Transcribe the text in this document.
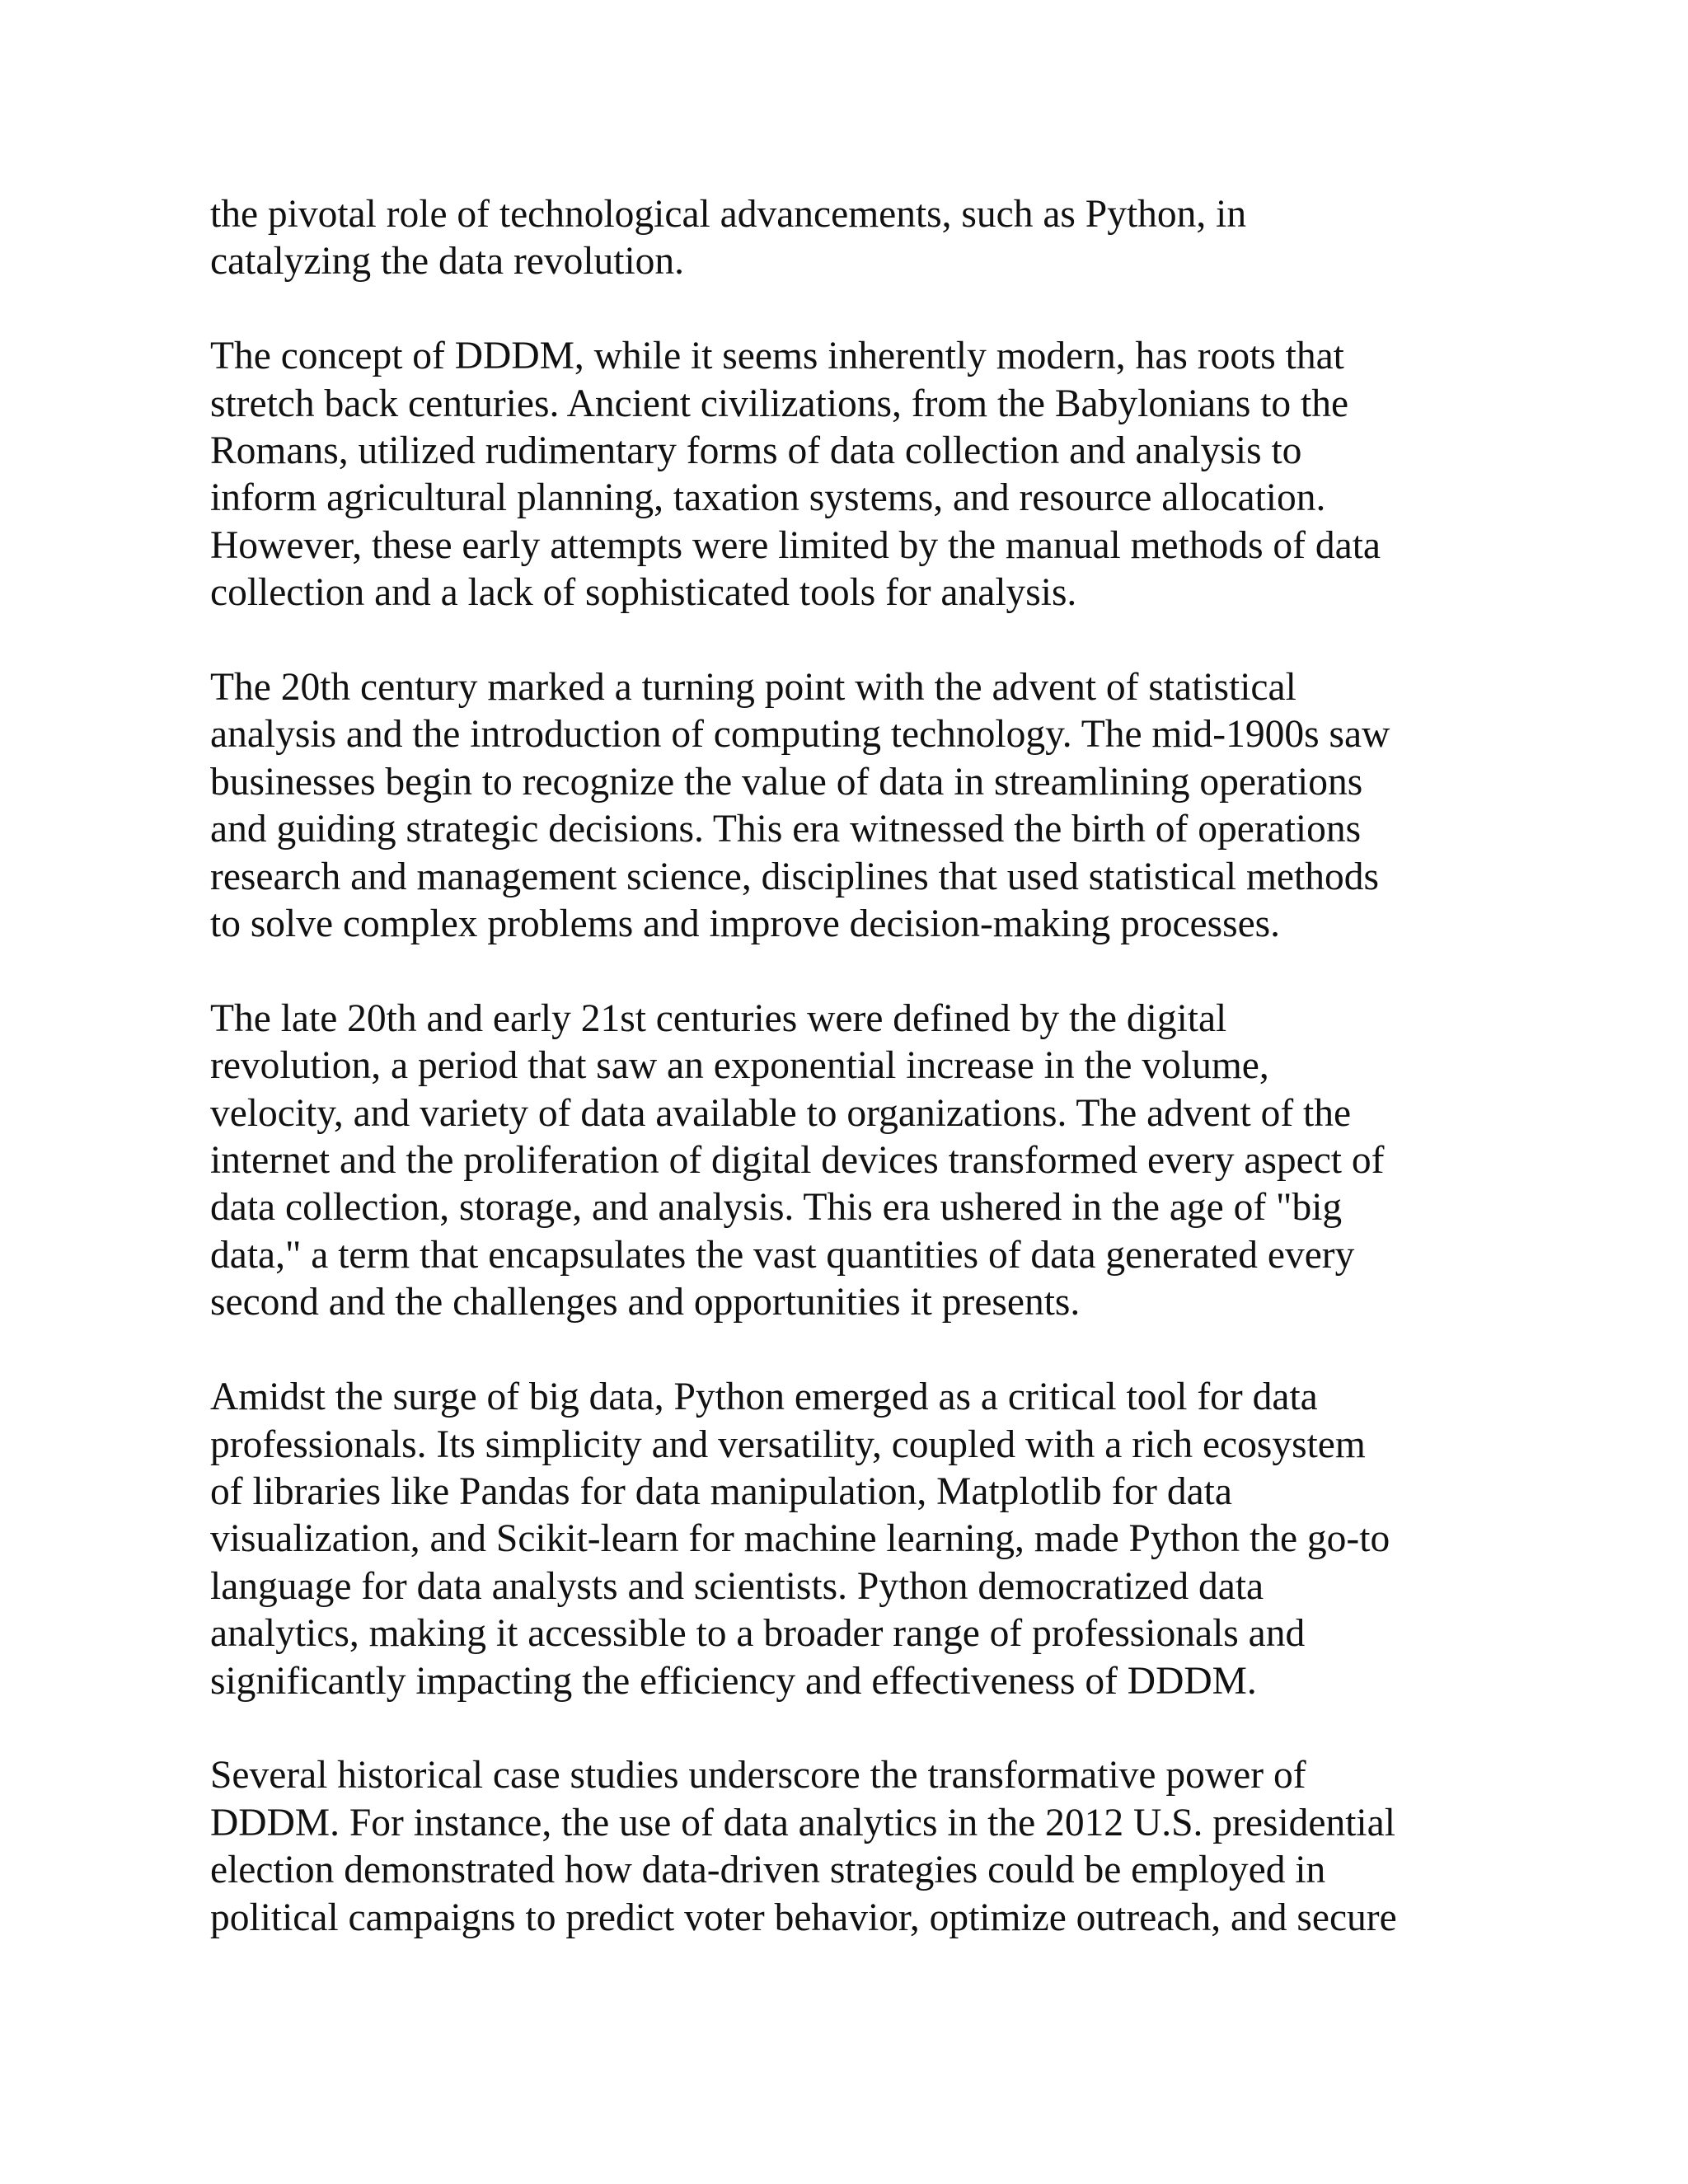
the pivotal role of technological advancements, such as Python, in
catalyzing the data revolution.

The concept of DDDM, while it seems inherently modern, has roots that
stretch back centuries. Ancient civilizations, from the Babylonians to the
Romans, utilized rudimentary forms of data collection and analysis to
inform agricultural planning, taxation systems, and resource allocation.
However, these early attempts were limited by the manual methods of data
collection and a lack of sophisticated tools for analysis.

The 20th century marked a turning point with the advent of statistical
analysis and the introduction of computing technology. The mid-1900s saw
businesses begin to recognize the value of data in streamlining operations
and guiding strategic decisions. This era witnessed the birth of operations
research and management science, disciplines that used statistical methods
to solve complex problems and improve decision-making processes.

The late 20th and early 21st centuries were defined by the digital
revolution, a period that saw an exponential increase in the volume,
velocity, and variety of data available to organizations. The advent of the
internet and the proliferation of digital devices transformed every aspect of
data collection, storage, and analysis. This era ushered in the age of "big
data," a term that encapsulates the vast quantities of data generated every
second and the challenges and opportunities it presents.

Amidst the surge of big data, Python emerged as a critical tool for data
professionals. Its simplicity and versatility, coupled with a rich ecosystem
of libraries like Pandas for data manipulation, Matplotlib for data
visualization, and Scikit-learn for machine learning, made Python the go-to
language for data analysts and scientists. Python democratized data
analytics, making it accessible to a broader range of professionals and
significantly impacting the efficiency and effectiveness of DDDM.

Several historical case studies underscore the transformative power of
DDDM. For instance, the use of data analytics in the 2012 U.S. presidential
election demonstrated how data-driven strategies could be employed in
political campaigns to predict voter behavior, optimize outreach, and secure
